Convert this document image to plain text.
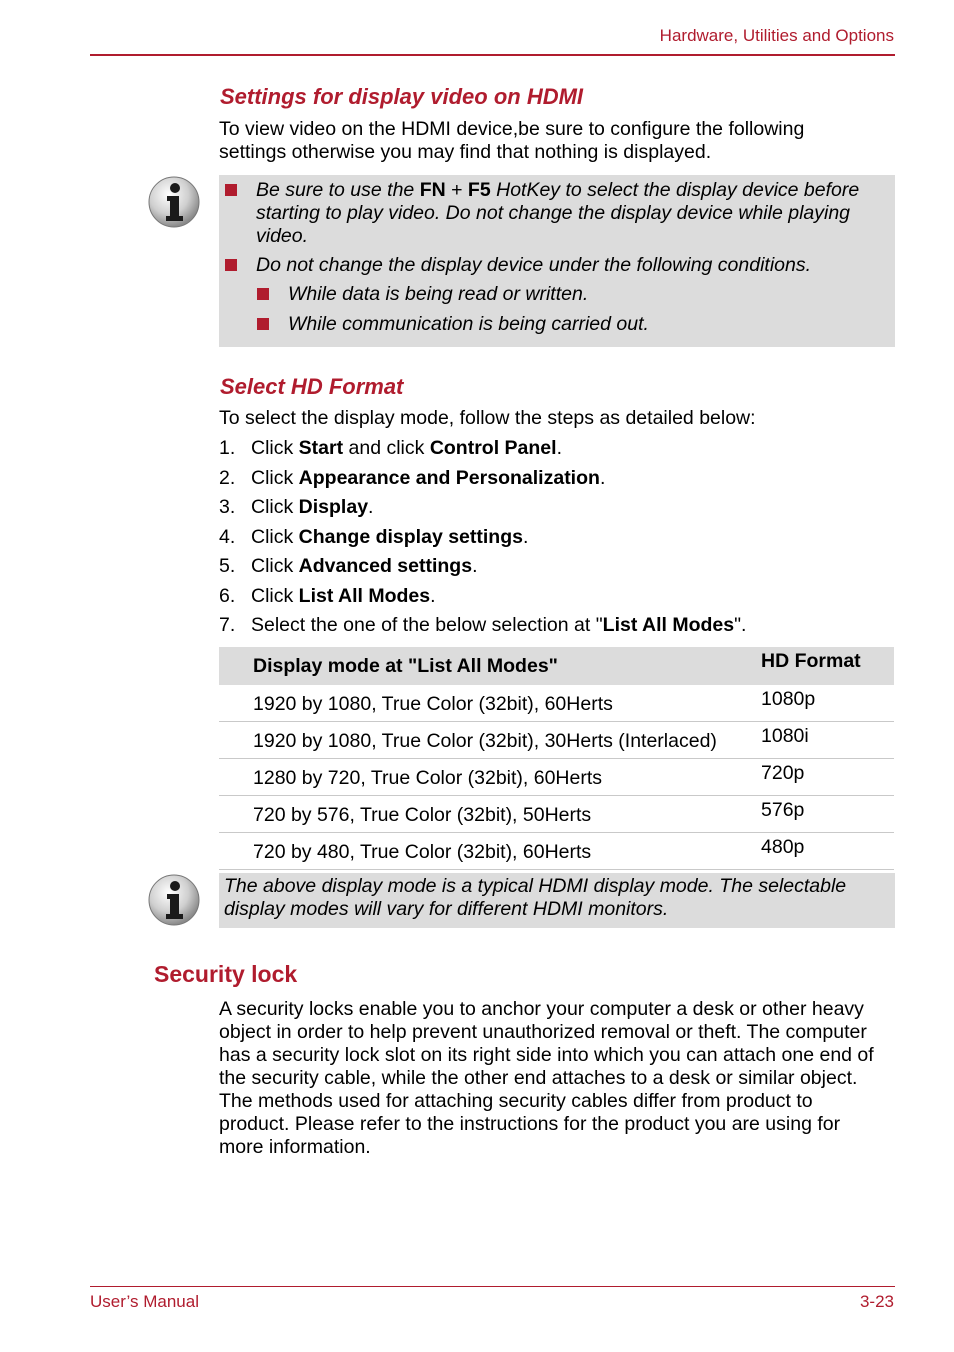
Hardware, Utilities and Options
Settings for display video on HDMI
To view video on the HDMI device,be sure to configure the following
settings otherwise you may find that nothing is displayed.
Be sure to use the FN + F5 HotKey to select the display device before
starting to play video. Do not change the display device while playing
video.
Do not change the display device under the following conditions.
While data is being read or written.
While communication is being carried out.
Select HD Format
To select the display mode, follow the steps as detailed below:
1. Click Start and click Control Panel.
2. Click Appearance and Personalization.
3. Click Display.
4. Click Change display settings.
5. Click Advanced settings.
6. Click List All Modes.
7. Select the one of the below selection at "List All Modes".
Display mode at "List All Modes"	HD Format
1920 by 1080, True Color (32bit), 60Herts	1080p
1920 by 1080, True Color (32bit), 30Herts (Interlaced)	1080i
1280 by 720, True Color (32bit), 60Herts	720p
720 by 576, True Color (32bit), 50Herts	576p
720 by 480, True Color (32bit), 60Herts	480p
The above display mode is a typical HDMI display mode. The selectable
display modes will vary for different HDMI monitors.
Security lock
A security locks enable you to anchor your computer a desk or other heavy
object in order to help prevent unauthorized removal or theft. The computer
has a security lock slot on its right side into which you can attach one end of
the security cable, while the other end attaches to a desk or similar object.
The methods used for attaching security cables differ from product to
product. Please refer to the instructions for the product you are using for
more information.
User’s Manual	3-23
